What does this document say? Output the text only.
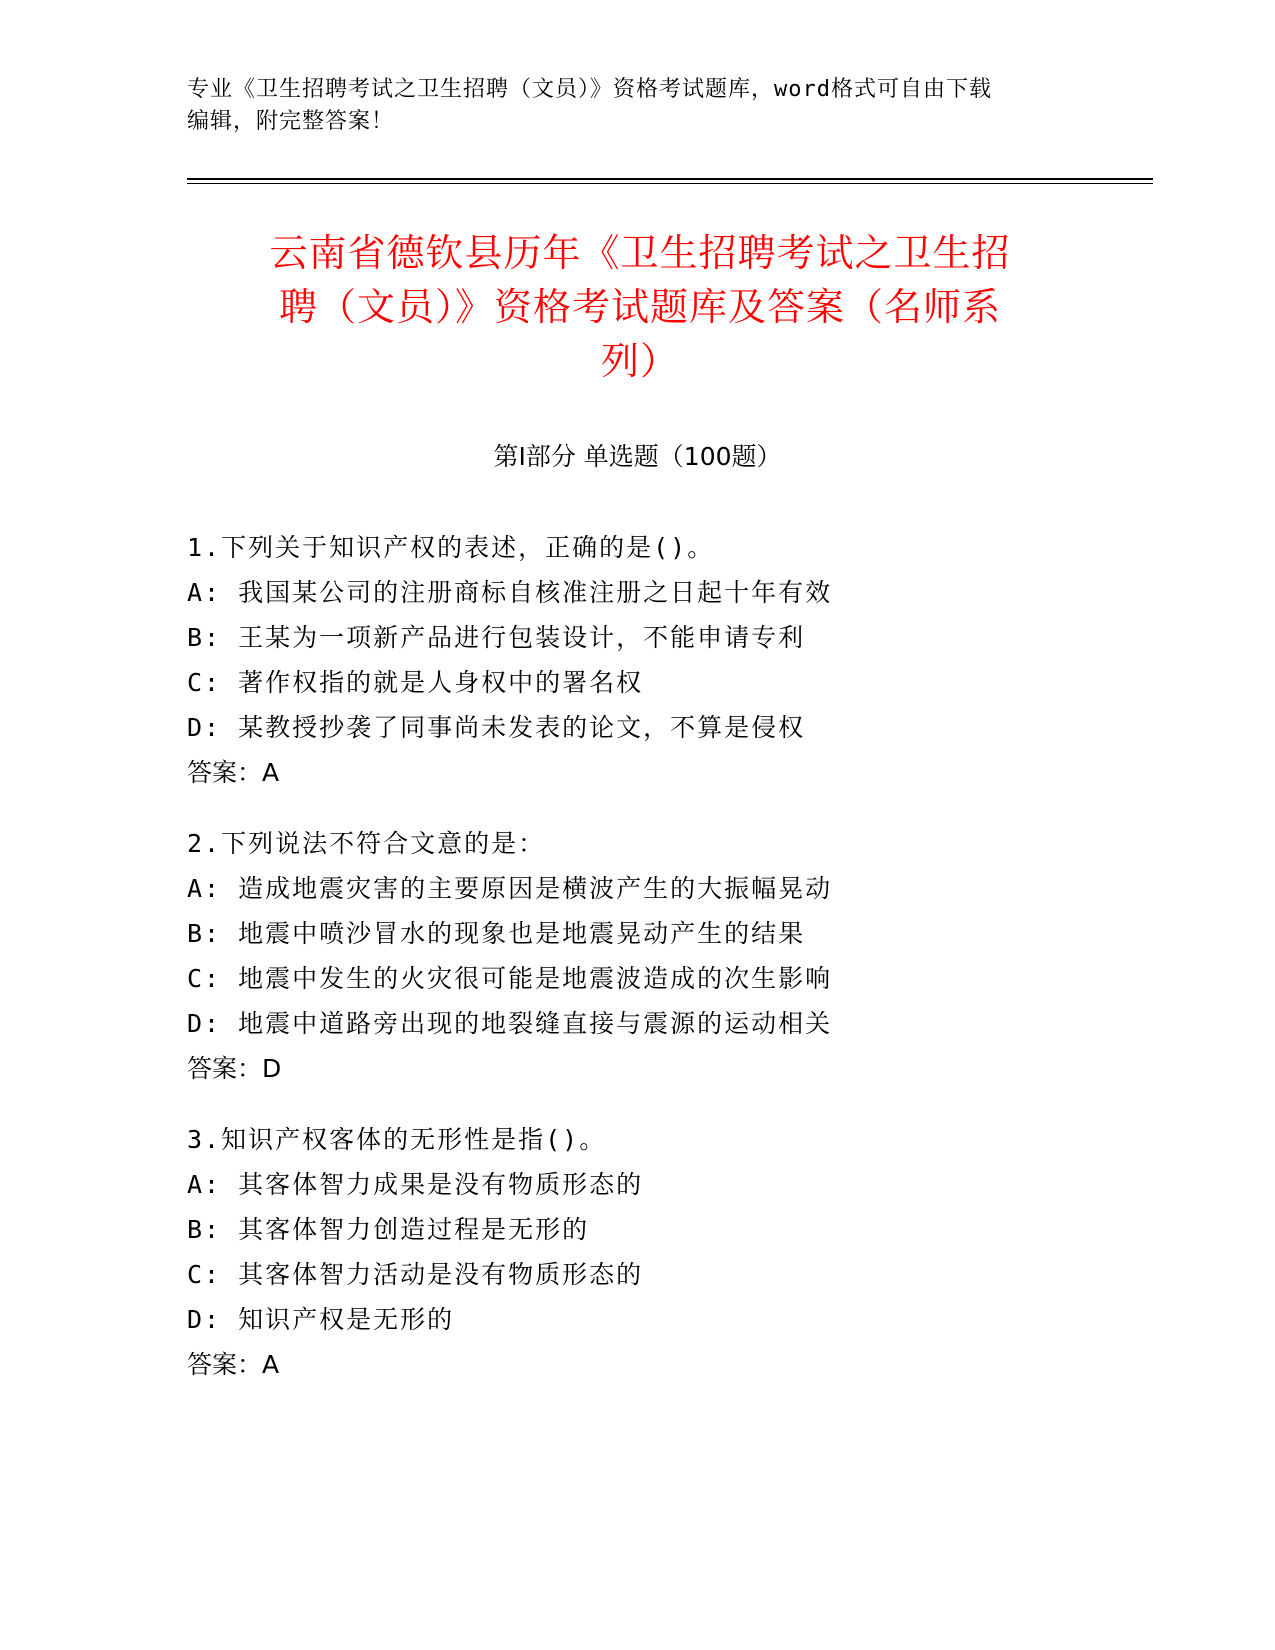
专业《卫生招聘考试之卫生招聘（文员）》资格考试题库，word格式可自由下载
编辑，附完整答案！
云南省德钦县历年《卫生招聘考试之卫生招
聘（文员）》资格考试题库及答案（名师系
列）
第I部分 单选题（100题）
1.下列关于知识产权的表述，正确的是()。
A: 我国某公司的注册商标自核准注册之日起十年有效
B: 王某为一项新产品进行包装设计，不能申请专利
C: 著作权指的就是人身权中的署名权
D: 某教授抄袭了同事尚未发表的论文，不算是侵权
答案：A
2.下列说法不符合文意的是：
A: 造成地震灾害的主要原因是横波产生的大振幅晃动
B: 地震中喷沙冒水的现象也是地震晃动产生的结果
C: 地震中发生的火灾很可能是地震波造成的次生影响
D: 地震中道路旁出现的地裂缝直接与震源的运动相关
答案：D
3.知识产权客体的无形性是指()。
A: 其客体智力成果是没有物质形态的
B: 其客体智力创造过程是无形的
C: 其客体智力活动是没有物质形态的
D: 知识产权是无形的
答案：A
